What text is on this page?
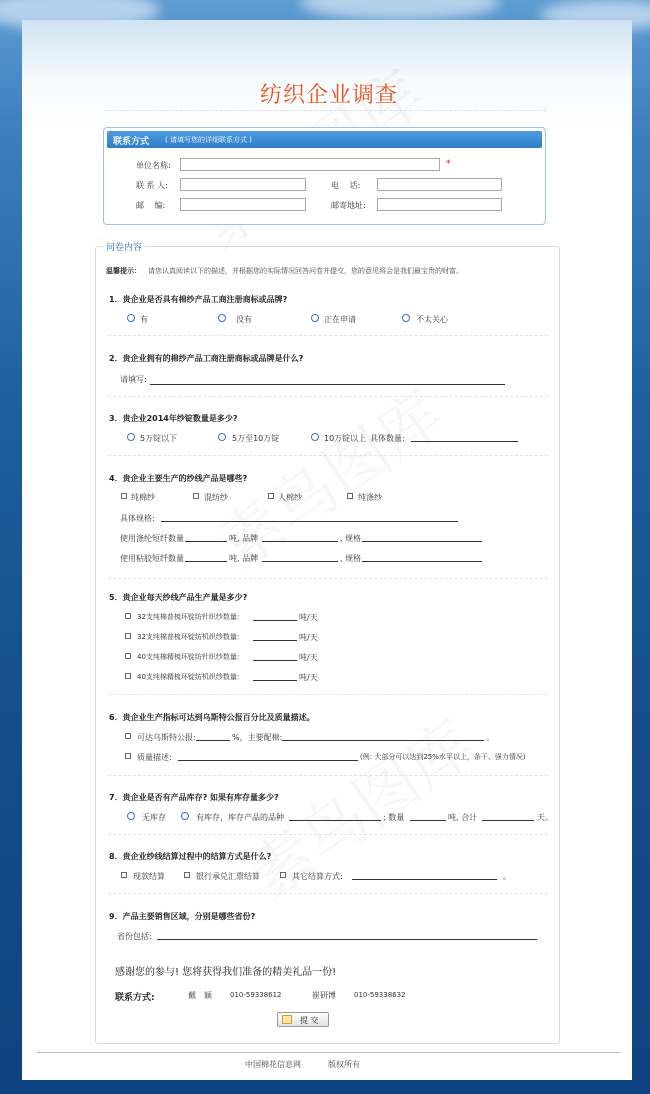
纺织企业调查
联系方式 ( 请填写您的详细联系方式 )
单位名称:	*
联 系 人:	电　 话:
邮　 编:	邮寄地址:
问卷内容
温馨提示： 请您认真阅读以下的描述，并根据您的实际情况回答问卷并提交，您的意见将会是我们最宝贵的财富。
1．贵企业是否具有棉纱产品工商注册商标或品牌?
有	没有	正在申请	不太关心
2．贵企业拥有的棉纱产品工商注册商标或品牌是什么?
请填写:
3．贵企业2014年纱锭数量是多少?
5万锭以下	5万至10万锭	10万锭以上 具体数量:
4．贵企业主要生产的纱线产品是哪些?
纯棉纱	混纺纱	人棉纱	纯涤纱
具体规格:
使用涤纶短纤数量	吨, 品牌	, 规格
使用粘胶短纤数量	吨, 品牌	, 规格
5．贵企业每天纱线产品生产量是多少?
32支纯棉普梳环锭纺针织纱数量:	吨/天
32支纯棉普梳环锭纺机织纱数量:	吨/天
40支纯棉精梳环锭纺针织纱数量:	吨/天
40支纯棉精梳环锭纺机织纱数量:	吨/天
6．贵企业生产指标可达到乌斯特公报百分比及质量描述。
可达乌斯特公报:	%，主要配棉:	。
质量描述:	(例: 大部分可以达到25%水平以上，条干、强力情况)
7．贵企业是否有产品库存? 如果有库存量多少?
无库存	有库存，库存产品的品种	; 数量	吨, 合计	天。
8．贵企业纱线结算过程中的结算方式是什么?
现款结算	银行承兑汇票结算	其它结算方式:	。
9．产品主要销售区域，分别是哪些省份?
省份包括:
感谢您的参与! 您将获得我们准备的精美礼品一份!
联系方式:	戴　颖	010-59338612	崔研博	010-59338632
提 交
中国棉花信息网	版权所有
